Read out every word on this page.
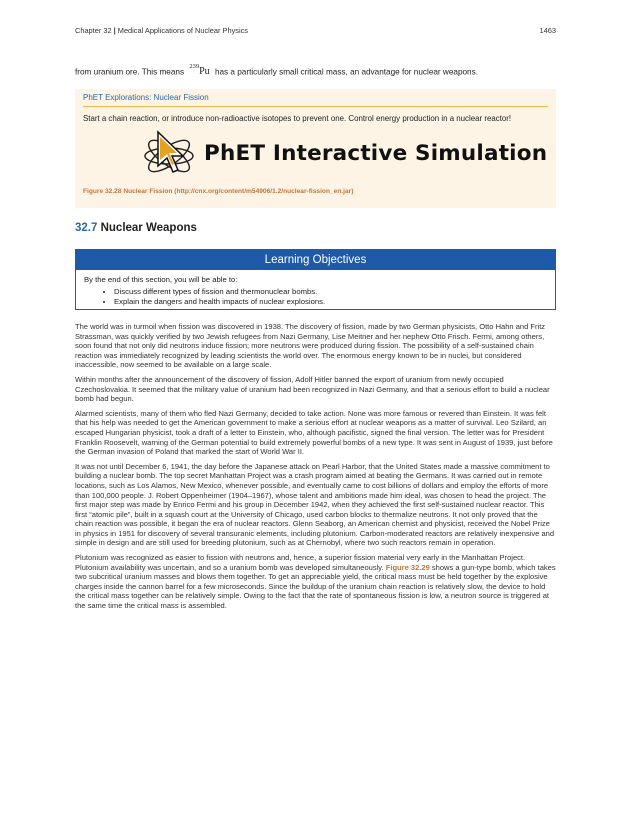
Chapter 32 | Medical Applications of Nuclear Physics	1463
from uranium ore. This means $^{239}$Pu has a particularly small critical mass, an advantage for nuclear weapons.
PhET Explorations: Nuclear Fission
Start a chain reaction, or introduce non-radioactive isotopes to prevent one. Control energy production in a nuclear reactor!
PhET Interactive Simulation
Figure 32.28 Nuclear Fission (http://cnx.org/content/m54906/1.2/nuclear-fission_en.jar)
32.7 Nuclear Weapons
Learning Objectives
By the end of this section, you will be able to:
• Discuss different types of fission and thermonuclear bombs.
• Explain the dangers and health impacts of nuclear explosions.

The world was in turmoil when fission was discovered in 1938. The discovery of fission, made by two German physicists, Otto Hahn and Fritz Strassman, was quickly verified by two Jewish refugees from Nazi Germany, Lise Meitner and her nephew Otto Frisch. Fermi, among others, soon found that not only did neutrons induce fission; more neutrons were produced during fission. The possibility of a self-sustained chain reaction was immediately recognized by leading scientists the world over. The enormous energy known to be in nuclei, but considered inaccessible, now seemed to be available on a large scale.

Within months after the announcement of the discovery of fission, Adolf Hitler banned the export of uranium from newly occupied Czechoslovakia. It seemed that the military value of uranium had been recognized in Nazi Germany, and that a serious effort to build a nuclear bomb had begun.

Alarmed scientists, many of them who fled Nazi Germany, decided to take action. None was more famous or revered than Einstein. It was felt that his help was needed to get the American government to make a serious effort at nuclear weapons as a matter of survival. Leo Szilard, an escaped Hungarian physicist, took a draft of a letter to Einstein, who, although pacifistic, signed the final version. The letter was for President Franklin Roosevelt, warning of the German potential to build extremely powerful bombs of a new type. It was sent in August of 1939, just before the German invasion of Poland that marked the start of World War II.

It was not until December 6, 1941, the day before the Japanese attack on Pearl Harbor, that the United States made a massive commitment to building a nuclear bomb. The top secret Manhattan Project was a crash program aimed at beating the Germans. It was carried out in remote locations, such as Los Alamos, New Mexico, whenever possible, and eventually came to cost billions of dollars and employ the efforts of more than 100,000 people. J. Robert Oppenheimer (1904–1967), whose talent and ambitions made him ideal, was chosen to head the project. The first major step was made by Enrico Fermi and his group in December 1942, when they achieved the first self-sustained nuclear reactor. This first “atomic pile”, built in a squash court at the University of Chicago, used carbon blocks to thermalize neutrons. It not only proved that the chain reaction was possible, it began the era of nuclear reactors. Glenn Seaborg, an American chemist and physicist, received the Nobel Prize in physics in 1951 for discovery of several transuranic elements, including plutonium. Carbon-moderated reactors are relatively inexpensive and simple in design and are still used for breeding plutonium, such as at Chernobyl, where two such reactors remain in operation.

Plutonium was recognized as easier to fission with neutrons and, hence, a superior fission material very early in the Manhattan Project. Plutonium availability was uncertain, and so a uranium bomb was developed simultaneously. Figure 32.29 shows a gun-type bomb, which takes two subcritical uranium masses and blows them together. To get an appreciable yield, the critical mass must be held together by the explosive charges inside the cannon barrel for a few microseconds. Since the buildup of the uranium chain reaction is relatively slow, the device to hold the critical mass together can be relatively simple. Owing to the fact that the rate of spontaneous fission is low, a neutron source is triggered at the same time the critical mass is assembled.
